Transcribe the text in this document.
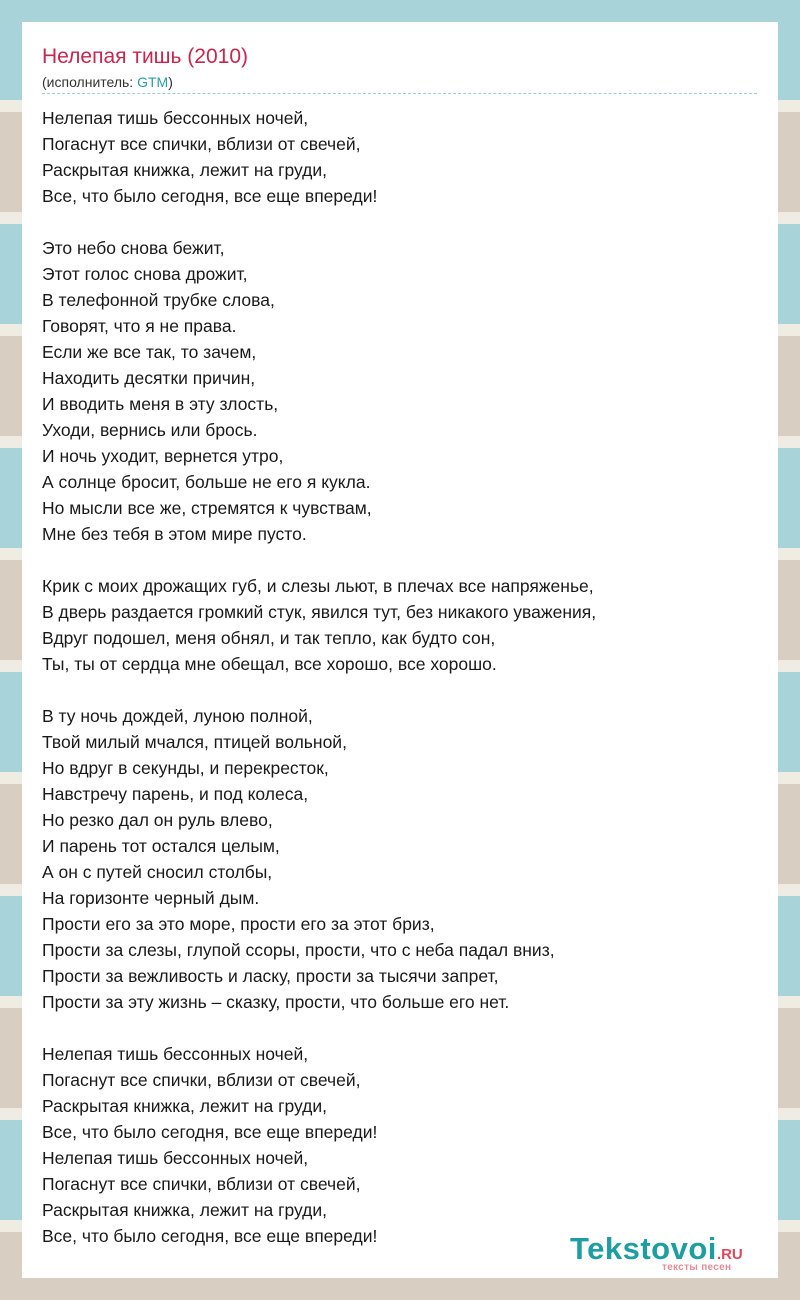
Нелепая тишь (2010)
(исполнитель: GTM)
Нелепая тишь бессонных ночей,
Погаснут все спички, вблизи от свечей,
Раскрытая книжка, лежит на груди,
Все, что было сегодня, все еще впереди!
Это небо снова бежит,
Этот голос снова дрожит,
В телефонной трубке слова,
Говорят, что я не права.
Если же все так, то зачем,
Находить десятки причин,
И вводить меня в эту злость,
Уходи, вернись или брось.
И ночь уходит, вернется утро,
А солнце бросит, больше не его я кукла.
Но мысли все же, стремятся к чувствам,
Мне без тебя в этом мире пусто.
Крик с моих дрожащих губ, и слезы льют, в плечах все напряженье,
В дверь раздается громкий стук, явился тут, без никакого уважения,
Вдруг подошел, меня обнял, и так тепло, как будто сон,
Ты, ты от сердца мне обещал, все хорошо, все хорошо.
В ту ночь дождей, луною полной,
Твой милый мчался, птицей вольной,
Но вдруг в секунды, и перекресток,
Навстречу парень, и под колеса,
Но резко дал он руль влево,
И парень тот остался целым,
А он с путей сносил столбы,
На горизонте черный дым.
Прости его за это море, прости его за этот бриз,
Прости за слезы, глупой ссоры, прости, что с неба падал вниз,
Прости за вежливость и ласку, прости за тысячи запрет,
Прости за эту жизнь – сказку, прости, что больше его нет.
Нелепая тишь бессонных ночей,
Погаснут все спички, вблизи от свечей,
Раскрытая книжка, лежит на груди,
Все, что было сегодня, все еще впереди!
Нелепая тишь бессонных ночей,
Погаснут все спички, вблизи от свечей,
Раскрытая книжка, лежит на груди,
Все, что было сегодня, все еще впереди!	Tekstovoi.RU
тексты песен
